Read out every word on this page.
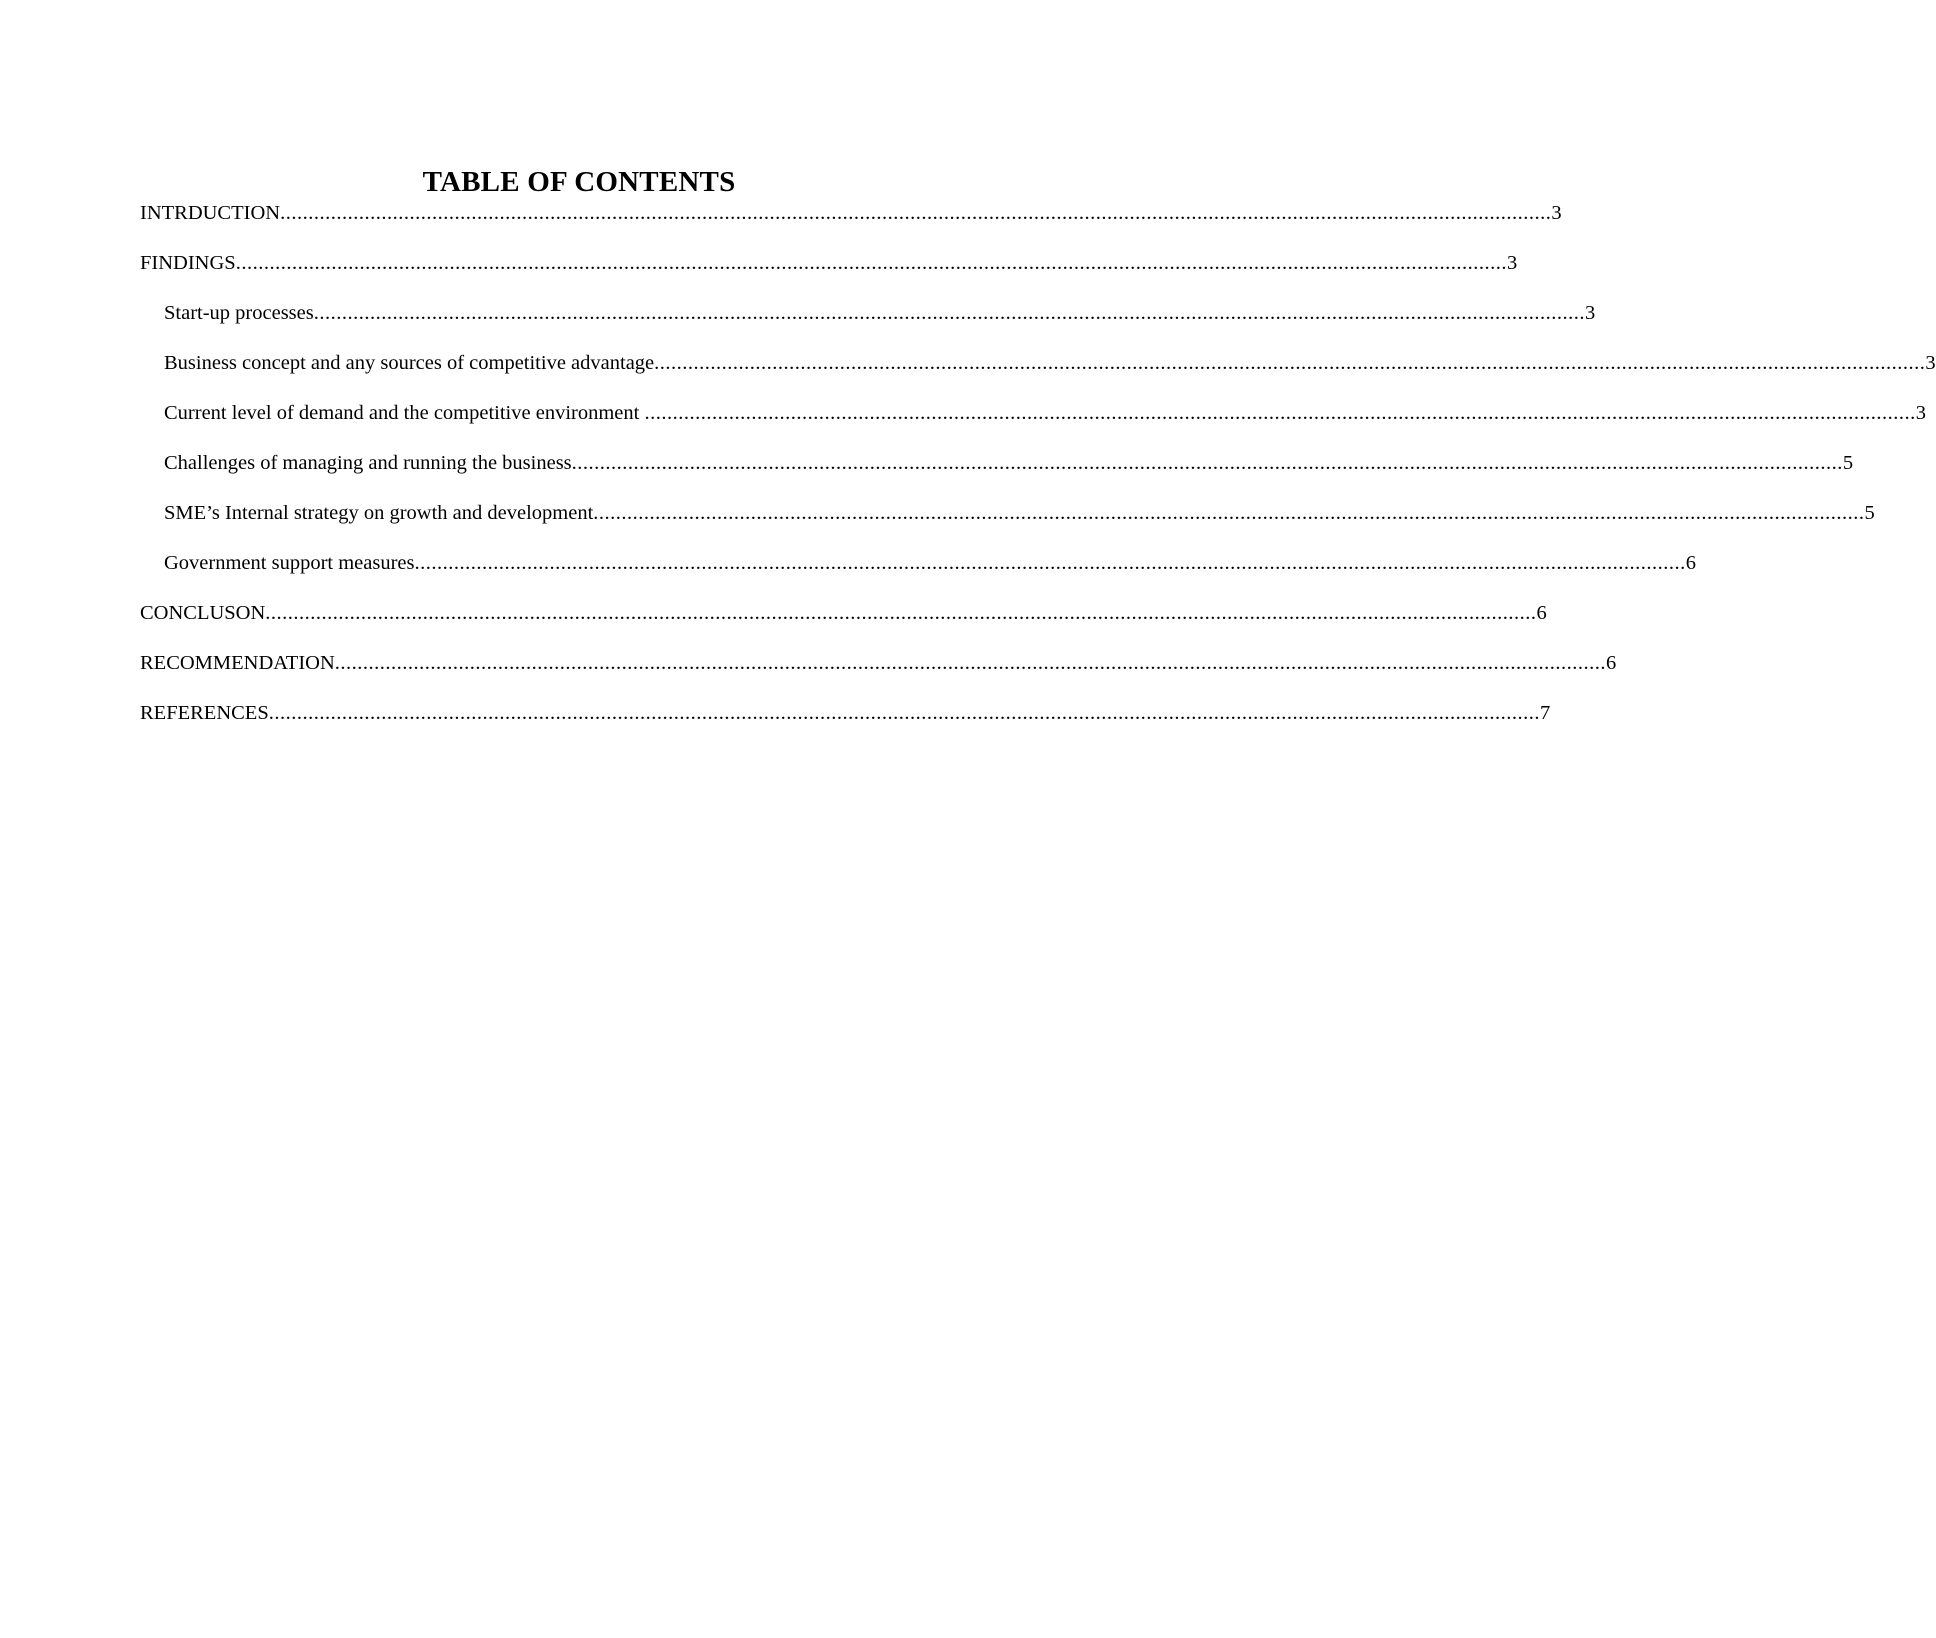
TABLE OF CONTENTS
INTRDUCTION .................................................................................................................................................................................................................................. 3
FINDINGS .................................................................................................................................................................................................................................. 3
Start-up processes .................................................................................................................................................................................................................................. 3
Business concept and any sources of competitive advantage .................................................................................................................................................................................................................................. 3
Current level of demand and the competitive environment .................................................................................................................................................................................................................................. 3
Challenges of managing and running the business .................................................................................................................................................................................................................................. 5
SME’s Internal strategy on growth and development .................................................................................................................................................................................................................................. 5
Government support measures .................................................................................................................................................................................................................................. 6
CONCLUSON .................................................................................................................................................................................................................................. 6
RECOMMENDATION .................................................................................................................................................................................................................................. 6
REFERENCES .................................................................................................................................................................................................................................. 7
